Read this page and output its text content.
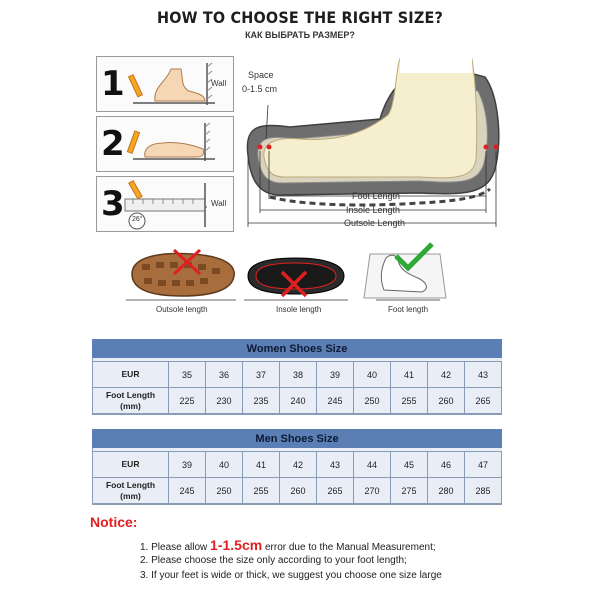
HOW TO CHOOSE THE RIGHT SIZE?
КАК ВЫБРАТЬ РАЗМЕР?
1	Wall
2
3	Wall
26°
Space
0-1.5 cm
Foot Length
Insole Length
Outsole Length
Outsole length	Insole length	Foot length
Women Shoes Size									

EUR	35	36	37	38	39	40	41	42	43
Foot Length
(mm)	225	230	235	240	245	250	255	260	265
Men Shoes Size									

EUR	39	40	41	42	43	44	45	46	47
Foot Length
(mm)	245	250	255	260	265	270	275	280	285
Notice:
1. Please allow 1-1.5cm error due to the Manual Measurement;
2. Please choose the size only according to your foot length;
3. If your feet is wide or thick, we suggest you choose one size large
